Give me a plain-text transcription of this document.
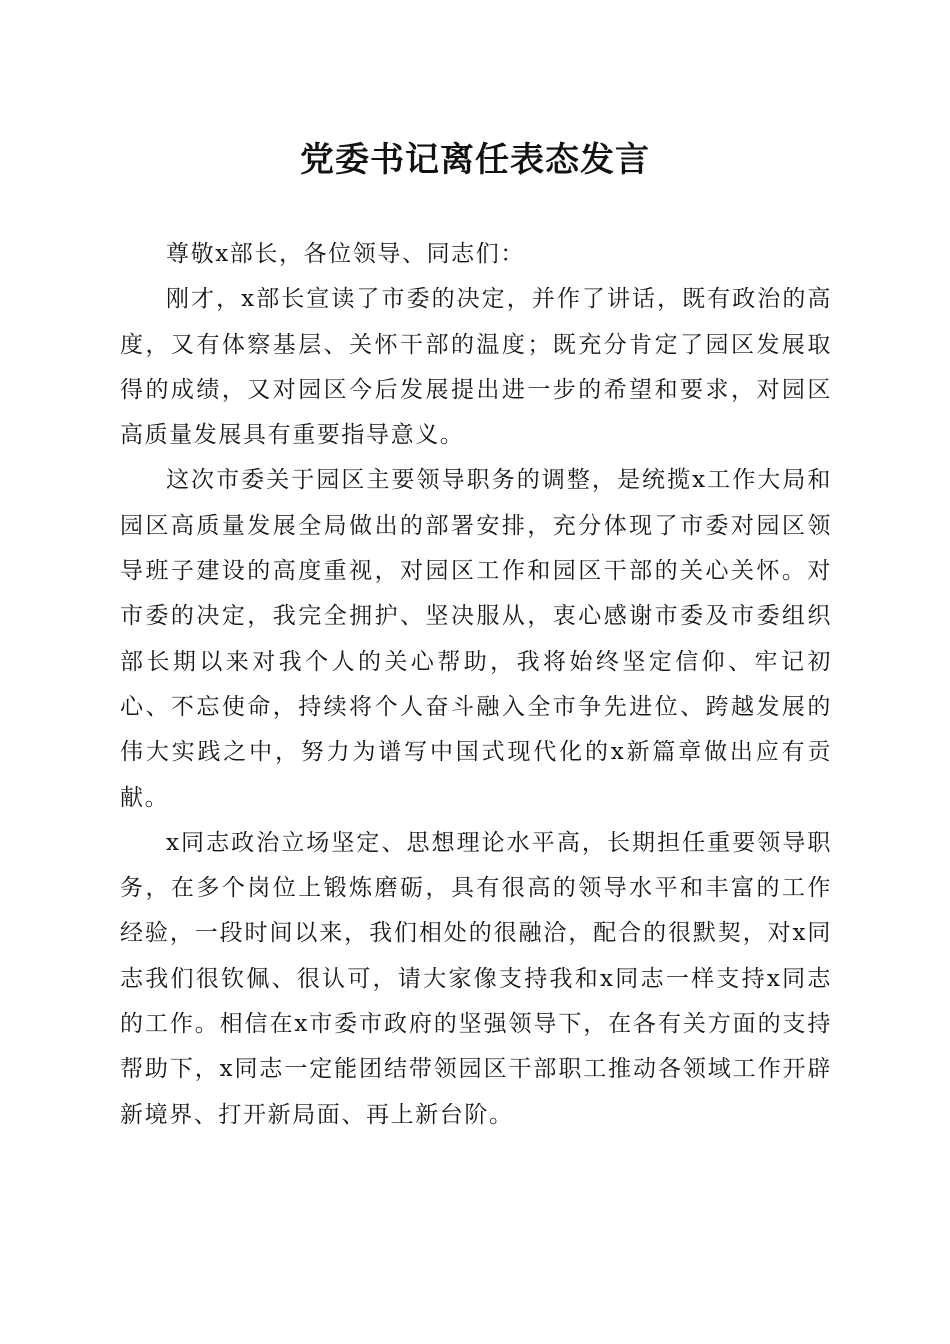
党委书记离任表态发言

尊敬x部长，各位领导、同志们：

刚才，x部长宣读了市委的决定，并作了讲话，既有政治的高度，又有体察基层、关怀干部的温度；既充分肯定了园区发展取得的成绩，又对园区今后发展提出进一步的希望和要求，对园区高质量发展具有重要指导意义。

这次市委关于园区主要领导职务的调整，是统揽x工作大局和园区高质量发展全局做出的部署安排，充分体现了市委对园区领导班子建设的高度重视，对园区工作和园区干部的关心关怀。对市委的决定，我完全拥护、坚决服从，衷心感谢市委及市委组织部长期以来对我个人的关心帮助，我将始终坚定信仰、牢记初心、不忘使命，持续将个人奋斗融入全市争先进位、跨越发展的伟大实践之中，努力为谱写中国式现代化的x新篇章做出应有贡献。

x同志政治立场坚定、思想理论水平高，长期担任重要领导职务，在多个岗位上锻炼磨砺，具有很高的领导水平和丰富的工作经验，一段时间以来，我们相处的很融洽，配合的很默契，对x同志我们很钦佩、很认可，请大家像支持我和x同志一样支持x同志的工作。相信在x市委市政府的坚强领导下，在各有关方面的支持帮助下，x同志一定能团结带领园区干部职工推动各领域工作开辟新境界、打开新局面、再上新台阶。
